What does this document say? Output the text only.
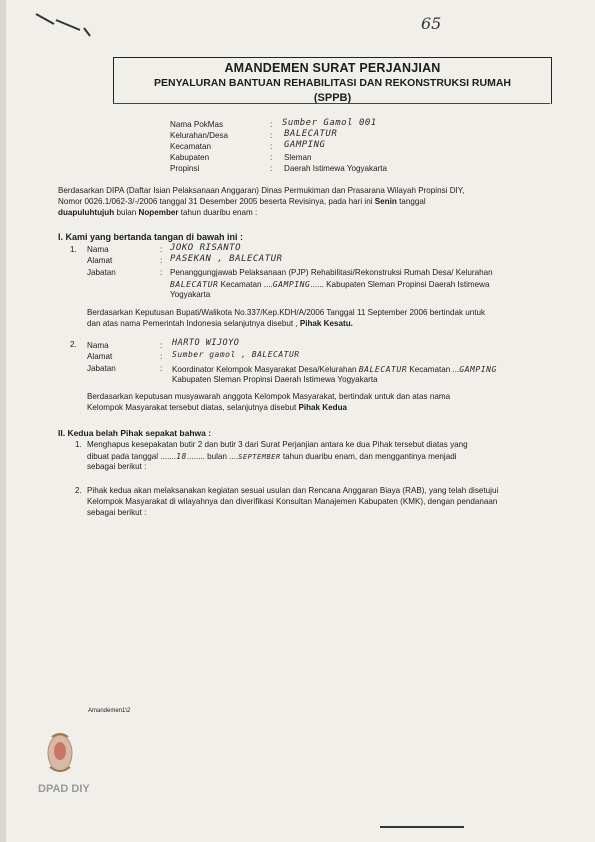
65
AMANDEMEN SURAT PERJANJIAN
PENYALURAN BANTUAN REHABILITASI DAN REKONSTRUKSI RUMAH
(SPPB)
Nama PokMas	: Sumber Gamol 001
Kelurahan/Desa	: BALECATUR
Kecamatan	: GAMPING
Kabupaten	: Sleman
Propinsi	: Daerah Istimewa Yogyakarta
Berdasarkan DIPA (Daftar Isian Pelaksanaan Anggaran) Dinas Permukiman dan Prasarana Wilayah Propinsi DIY,
Nomor 0026.1/062-3/-/2006 tanggal 31 Desember 2005 beserta Revisinya, pada hari ini Senin tanggal
duapuluhtujuh bulan Nopember tahun duaribu enam :
I. Kami yang bertanda tangan di bawah ini :
1. Nama	: JOKO RISANTO
Alamat	: PASEKAN , BALECATUR
Jabatan	: Penanggungjawab Pelaksanaan (PJP) Rehabilitasi/Rekonstruksi Rumah Desa/ Kelurahan
BALECATUR Kecamatan ....GAMPING...... Kabupaten Sleman Propinsi Daerah Istimewa
Yogyakarta
Berdasarkan Keputusan Bupati/Walikota No.337/Kep.KDH/A/2006 Tanggal 11 September 2006 bertindak untuk
dan atas nama Pemerintah Indonesia selanjutnya disebut , Pihak Kesatu.
2. Nama	: HARTO WIJOYO
Alamat	: Sumber gamol , BALECATUR
Jabatan	: Koordinator Kelompok Masyarakat Desa/Kelurahan BALECATUR Kecamatan ...GAMPING
Kabupaten Sleman Propinsi Daerah Istimewa Yogyakarta
Berdasarkan keputusan musyawarah anggota Kelompok Masyarakat, bertindak untuk dan atas nama
Kelompok Masyarakat tersebut diatas, selanjutnya disebut Pihak Kedua
II. Kedua belah Pihak sepakat bahwa :
1. Menghapus kesepakatan butir 2 dan butir 3 dari Surat Perjanjian antara ke dua Pihak tersebut diatas yang
dibuat pada tanggal .......18........ bulan ....SEPTEMBER tahun duaribu enam, dan menggantinya menjadi
sebagai berikut :
2. Pihak kedua akan melaksanakan kegiatan sesuai usulan dan Rencana Anggaran Biaya (RAB), yang telah disetujui
Kelompok Masyarakat di wilayahnya dan diverifikasi Konsultan Manajemen Kabupaten (KMK), dengan pendanaan
sebagai berikut :
Amandemen1\2
DPAD DIY
